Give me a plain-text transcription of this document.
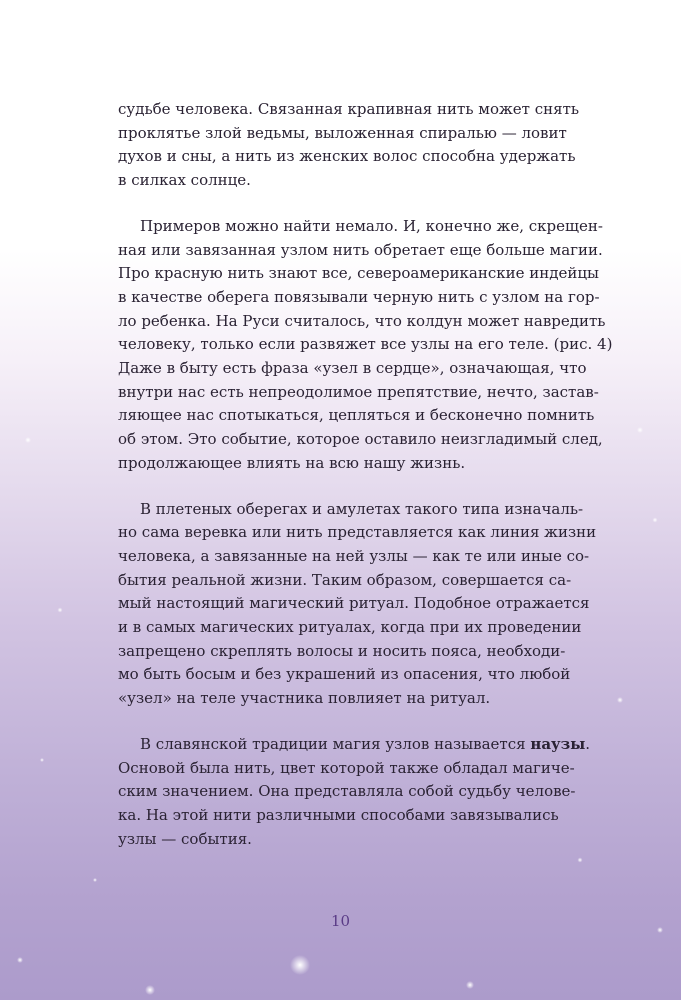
судьбе человека. Связанная крапивная нить может снять
проклятье злой ведьмы, выложенная спиралью — ловит
духов и сны, а нить из женских волос способна удержать
в силках солнце.

Примеров можно найти немало. И, конечно же, скрещен-
ная или завязанная узлом нить обретает еще больше магии.
Про красную нить знают все, североамериканские индейцы
в качестве оберега повязывали черную нить с узлом на гор-
ло ребенка. На Руси считалось, что колдун может навредить
человеку, только если развяжет все узлы на его теле. (рис. 4)
Даже в быту есть фраза «узел в сердце», означающая, что
внутри нас есть непреодолимое препятствие, нечто, застав-
ляющее нас спотыкаться, цепляться и бесконечно помнить
об этом. Это событие, которое оставило неизгладимый след,
продолжающее влиять на всю нашу жизнь.

В плетеных оберегах и амулетах такого типа изначаль-
но сама веревка или нить представляется как линия жизни
человека, а завязанные на ней узлы — как те или иные со-
бытия реальной жизни. Таким образом, совершается са-
мый настоящий магический ритуал. Подобное отражается
и в самых магических ритуалах, когда при их проведении
запрещено скреплять волосы и носить пояса, необходи-
мо быть босым и без украшений из опасения, что любой
«узел» на теле участника повлияет на ритуал.

В славянской традиции магия узлов называется наузы.
Основой была нить, цвет которой также обладал магиче-
ским значением. Она представляла собой судьбу челове-
ка. На этой нити различными способами завязывались
узлы — события.

10
